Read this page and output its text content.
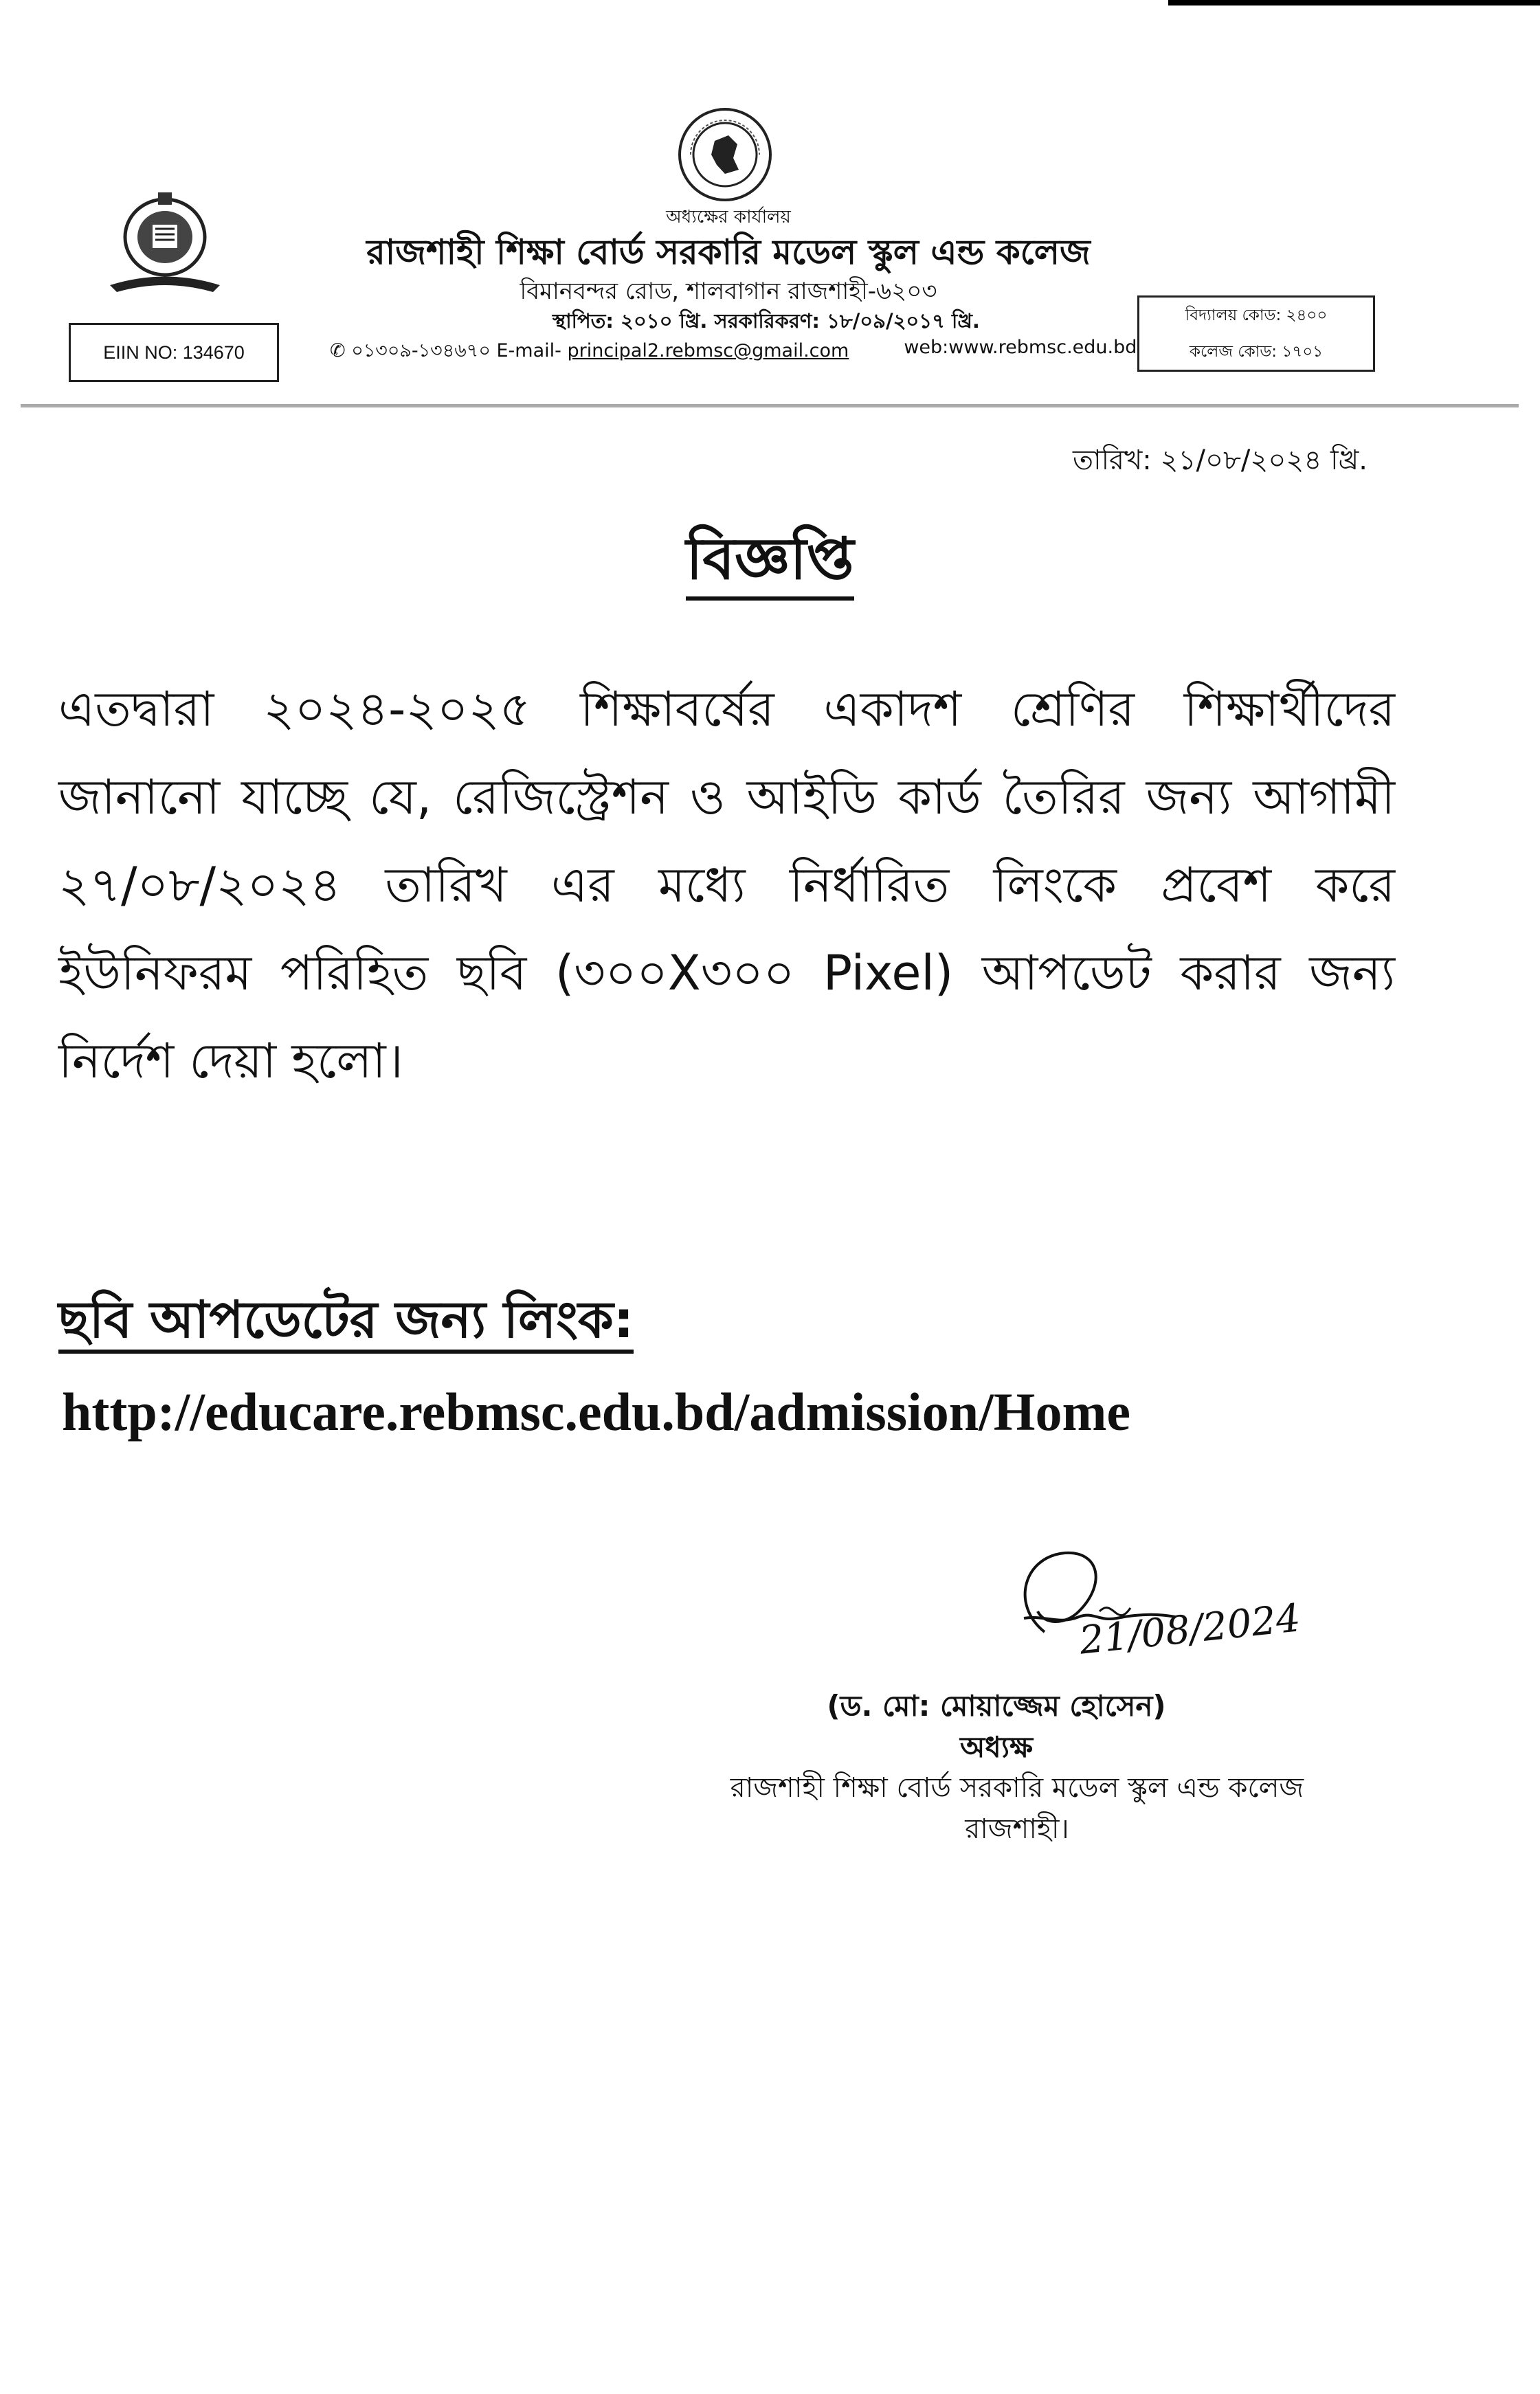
অধ্যক্ষের কার্যালয়
রাজশাহী শিক্ষা বোর্ড সরকারি মডেল স্কুল এন্ড কলেজ
বিমানবন্দর রোড, শালবাগান রাজশাহী-৬২০৩
স্থাপিত: ২০১০ খ্রি. সরকারিকরণ: ১৮/০৯/২০১৭ খ্রি.
EIIN NO: 134670	✆ ০১৩০৯-১৩৪৬৭০ E-mail- principal2.rebmsc@gmail.com	web:www.rebmsc.edu.bd
বিদ্যালয় কোড: ২৪০০
কলেজ কোড: ১৭০১
তারিখ: ২১/০৮/২০২৪ খ্রি.
বিজ্ঞপ্তি
এতদ্বারা ২০২৪-২০২৫ শিক্ষাবর্ষের একাদশ শ্রেণির শিক্ষার্থীদের জানানো যাচ্ছে যে, রেজিস্ট্রেশন ও আইডি কার্ড তৈরির জন্য আগামী ২৭/০৮/২০২৪ তারিখ এর মধ্যে নির্ধারিত লিংকে প্রবেশ করে ইউনিফরম পরিহিত ছবি (৩০০X৩০০ Pixel) আপডেট করার জন্য নির্দেশ দেয়া হলো।
ছবি আপডেটের জন্য লিংক:
http://educare.rebmsc.edu.bd/admission/Home
21/08/2024
(ড. মো: মোয়াজ্জেম হোসেন)
অধ্যক্ষ
রাজশাহী শিক্ষা বোর্ড সরকারি মডেল স্কুল এন্ড কলেজ
রাজশাহী।
